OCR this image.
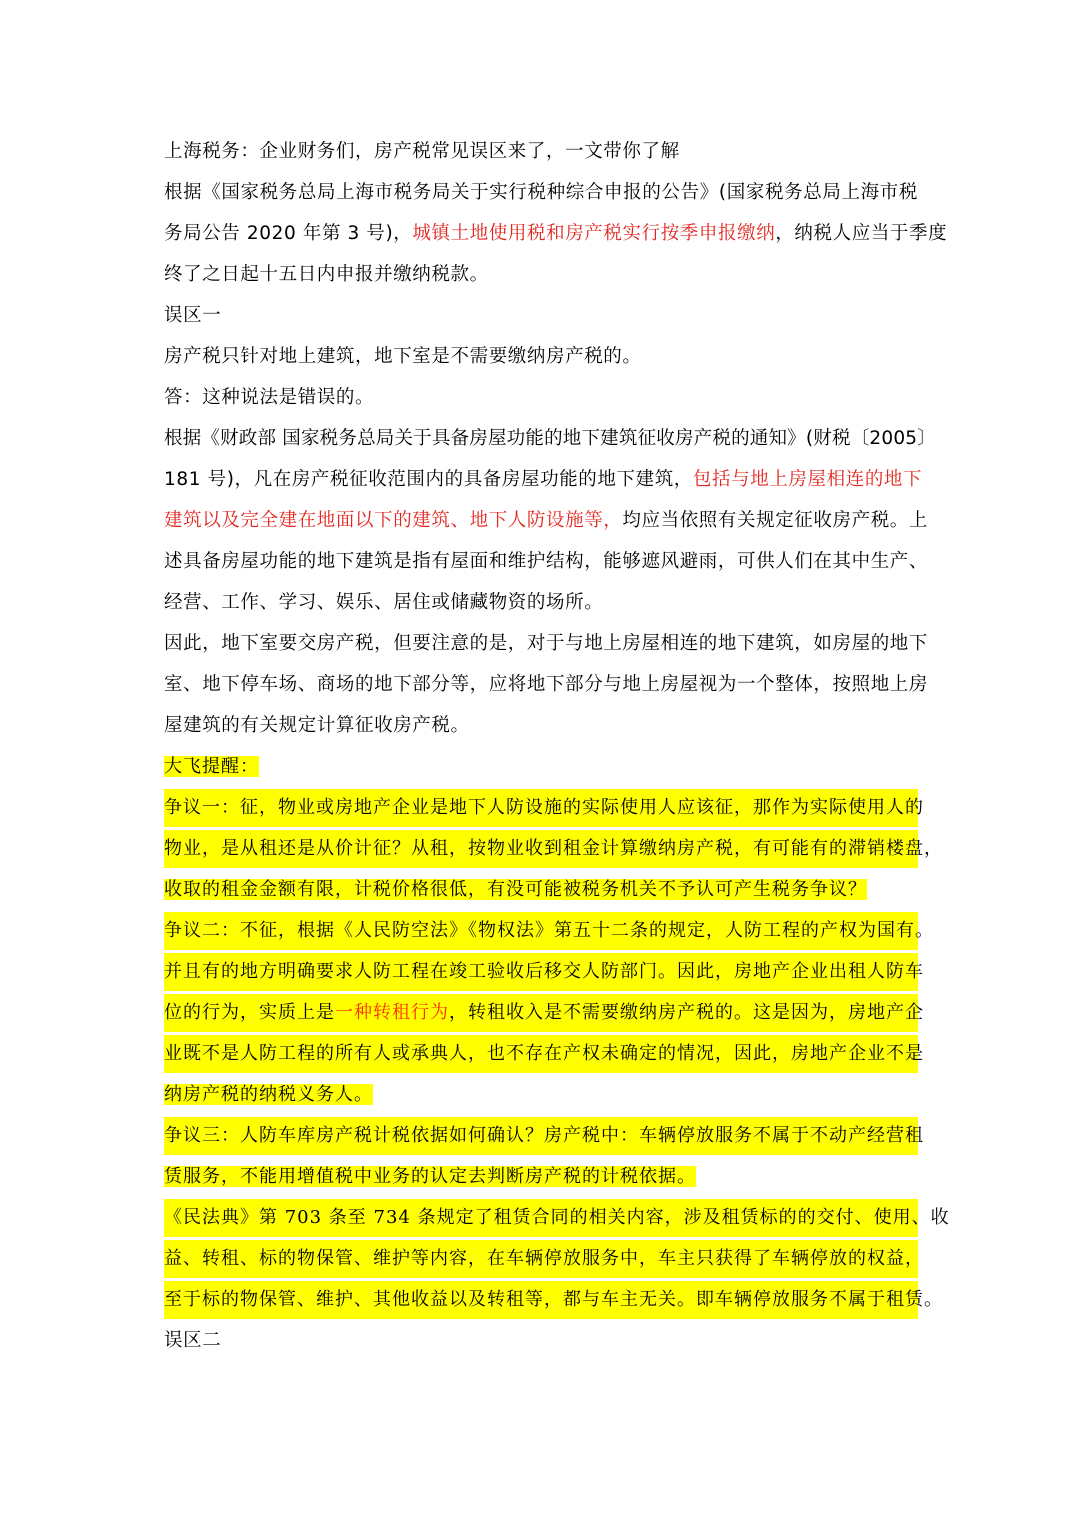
上海税务：企业财务们，房产税常见误区来了，一文带你了解
根据《国家税务总局上海市税务局关于实行税种综合申报的公告》(国家税务总局上海市税
务局公告 2020 年第 3 号)，城镇土地使用税和房产税实行按季申报缴纳，纳税人应当于季度
终了之日起十五日内申报并缴纳税款。
误区一
房产税只针对地上建筑，地下室是不需要缴纳房产税的。
答：这种说法是错误的。
根据《财政部 国家税务总局关于具备房屋功能的地下建筑征收房产税的通知》(财税〔2005〕
181 号)，凡在房产税征收范围内的具备房屋功能的地下建筑，包括与地上房屋相连的地下
建筑以及完全建在地面以下的建筑、地下人防设施等，均应当依照有关规定征收房产税。上
述具备房屋功能的地下建筑是指有屋面和维护结构，能够遮风避雨，可供人们在其中生产、
经营、工作、学习、娱乐、居住或储藏物资的场所。
因此，地下室要交房产税，但要注意的是，对于与地上房屋相连的地下建筑，如房屋的地下
室、地下停车场、商场的地下部分等，应将地下部分与地上房屋视为一个整体，按照地上房
屋建筑的有关规定计算征收房产税。
大飞提醒：
争议一：征，物业或房地产企业是地下人防设施的实际使用人应该征，那作为实际使用人的
物业，是从租还是从价计征？从租，按物业收到租金计算缴纳房产税，有可能有的滞销楼盘，
收取的租金金额有限，计税价格很低，有没可能被税务机关不予认可产生税务争议？
争议二：不征，根据《人民防空法》《物权法》第五十二条的规定，人防工程的产权为国有。
并且有的地方明确要求人防工程在竣工验收后移交人防部门。因此，房地产企业出租人防车
位的行为，实质上是一种转租行为，转租收入是不需要缴纳房产税的。这是因为，房地产企
业既不是人防工程的所有人或承典人，也不存在产权未确定的情况，因此，房地产企业不是
纳房产税的纳税义务人。
争议三：人防车库房产税计税依据如何确认？房产税中：车辆停放服务不属于不动产经营租
赁服务，不能用增值税中业务的认定去判断房产税的计税依据。
《民法典》第 703 条至 734 条规定了租赁合同的相关内容，涉及租赁标的的交付、使用、收
益、转租、标的物保管、维护等内容，在车辆停放服务中，车主只获得了车辆停放的权益，
至于标的物保管、维护、其他收益以及转租等，都与车主无关。即车辆停放服务不属于租赁。
误区二
